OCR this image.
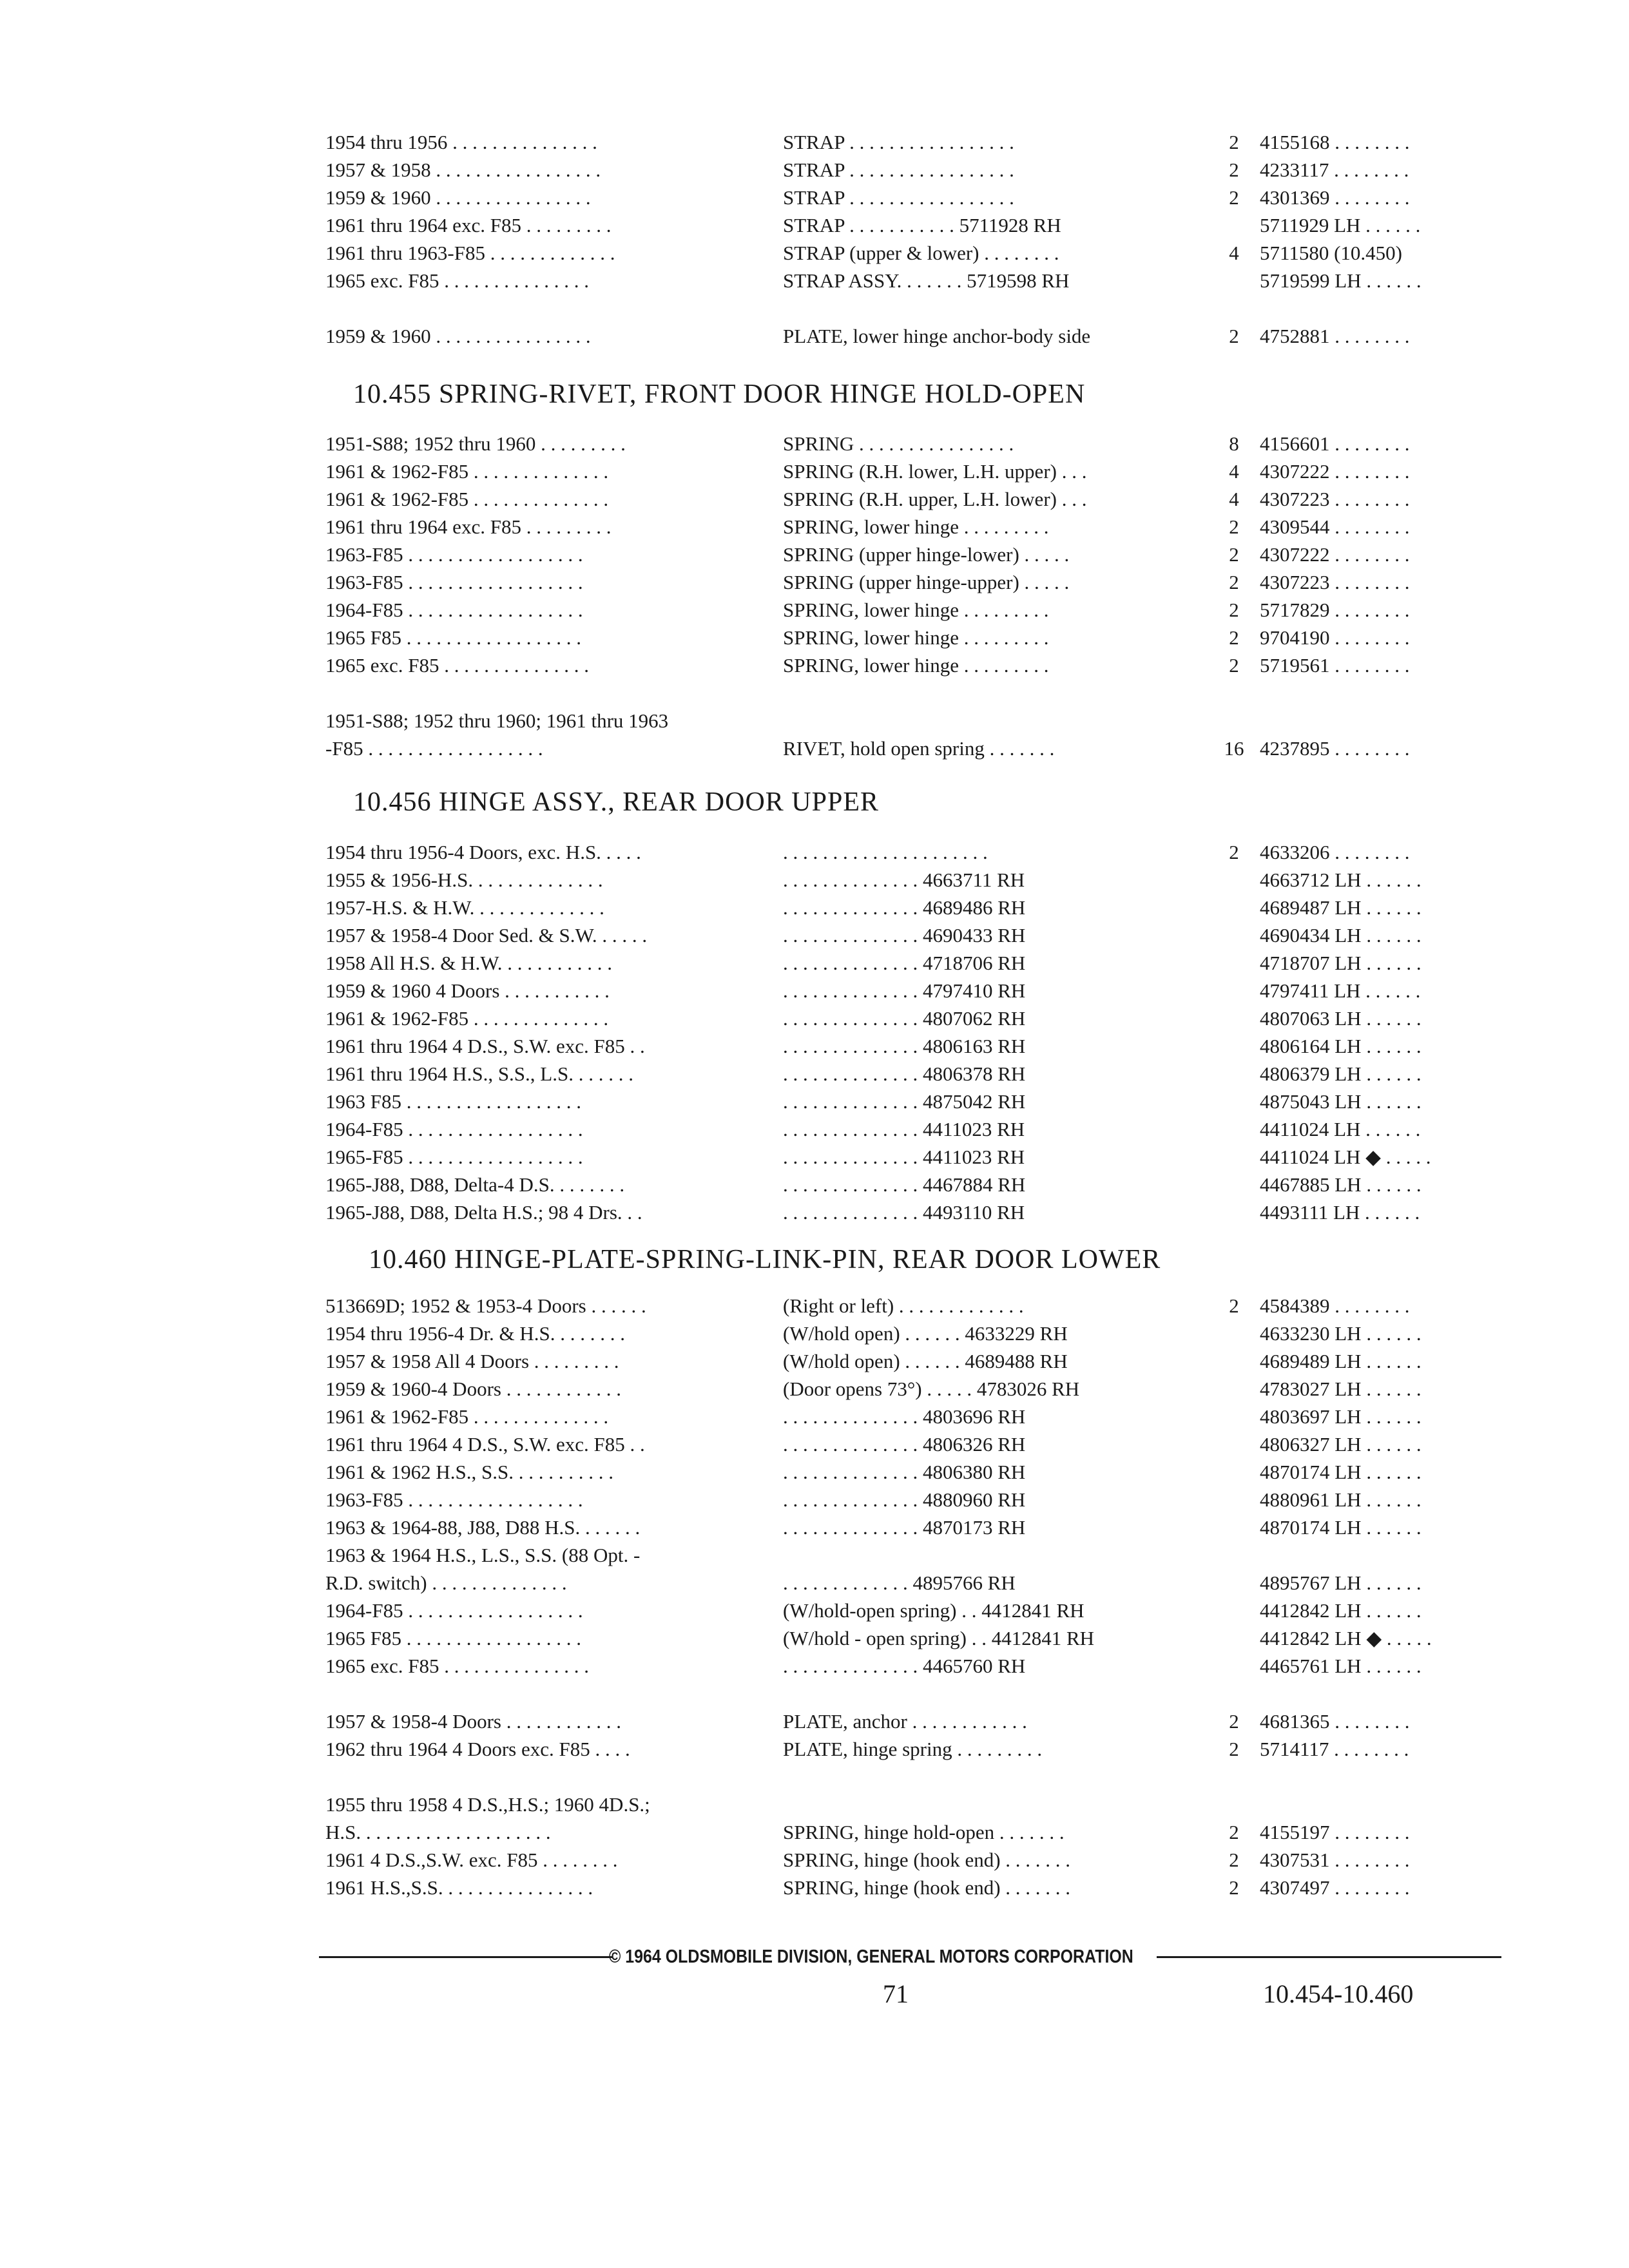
© 1964 OLDSMOBILE DIVISION, GENERAL MOTORS CORPORATION
71	10.454-10.460
1954 thru 1956 . . . . . . . . . . . . . . .	STRAP . . . . . . . . . . . . . . . . .	2	4155168 . . . . . . . .
1957 & 1958 . . . . . . . . . . . . . . . . .	STRAP . . . . . . . . . . . . . . . . .	2	4233117 . . . . . . . .
1959 & 1960 . . . . . . . . . . . . . . . .	STRAP . . . . . . . . . . . . . . . . .	2	4301369 . . . . . . . .
1961 thru 1964 exc. F85 . . . . . . . . .	STRAP . . . . . . . . . . . 5711928 RH	5711929 LH . . . . . .
1961 thru 1963-F85 . . . . . . . . . . . . .	STRAP (upper & lower) . . . . . . . .	4	5711580 (10.450)
1965 exc. F85 . . . . . . . . . . . . . . .	STRAP ASSY. . . . . . . 5719598 RH	5719599 LH . . . . . .
1959 & 1960 . . . . . . . . . . . . . . . .	PLATE, lower hinge anchor-body side	2	4752881 . . . . . . . .
10.455 SPRING-RIVET, FRONT DOOR HINGE HOLD-OPEN
1951-S88; 1952 thru 1960 . . . . . . . . .	SPRING . . . . . . . . . . . . . . . .	8	4156601 . . . . . . . .
1961 & 1962-F85 . . . . . . . . . . . . . .	SPRING (R.H. lower, L.H. upper) . . .	4	4307222 . . . . . . . .
1961 & 1962-F85 . . . . . . . . . . . . . .	SPRING (R.H. upper, L.H. lower) . . .	4	4307223 . . . . . . . .
1961 thru 1964 exc. F85 . . . . . . . . .	SPRING, lower hinge . . . . . . . . .	2	4309544 . . . . . . . .
1963-F85 . . . . . . . . . . . . . . . . . .	SPRING (upper hinge-lower) . . . . .	2	4307222 . . . . . . . .
1963-F85 . . . . . . . . . . . . . . . . . .	SPRING (upper hinge-upper) . . . . .	2	4307223 . . . . . . . .
1964-F85 . . . . . . . . . . . . . . . . . .	SPRING, lower hinge . . . . . . . . .	2	5717829 . . . . . . . .
1965 F85 . . . . . . . . . . . . . . . . . .	SPRING, lower hinge . . . . . . . . .	2	9704190 . . . . . . . .
1965 exc. F85 . . . . . . . . . . . . . . .	SPRING, lower hinge . . . . . . . . .	2	5719561 . . . . . . . .
1951-S88; 1952 thru 1960; 1961 thru 1963
-F85 . . . . . . . . . . . . . . . . . .	RIVET, hold open spring . . . . . . .	16 4237895 . . . . . . . .
10.456 HINGE ASSY., REAR DOOR UPPER
1954 thru 1956-4 Doors, exc. H.S. . . . .	. . . . . . . . . . . . . . . . . . . . .	2	4633206 . . . . . . . .
1955 & 1956-H.S. . . . . . . . . . . . . .	. . . . . . . . . . . . . . 4663711 RH	4663712 LH . . . . . .
1957-H.S. & H.W. . . . . . . . . . . . . .	. . . . . . . . . . . . . . 4689486 RH	4689487 LH . . . . . .
1957 & 1958-4 Door Sed. & S.W. . . . . .	. . . . . . . . . . . . . . 4690433 RH	4690434 LH . . . . . .
1958 All H.S. & H.W. . . . . . . . . . . .	. . . . . . . . . . . . . . 4718706 RH	4718707 LH . . . . . .
1959 & 1960 4 Doors . . . . . . . . . . .	. . . . . . . . . . . . . . 4797410 RH	4797411 LH . . . . . .
1961 & 1962-F85 . . . . . . . . . . . . . .	. . . . . . . . . . . . . . 4807062 RH	4807063 LH . . . . . .
1961 thru 1964 4 D.S., S.W. exc. F85 . .	. . . . . . . . . . . . . . 4806163 RH	4806164 LH . . . . . .
1961 thru 1964 H.S., S.S., L.S. . . . . . .	. . . . . . . . . . . . . . 4806378 RH	4806379 LH . . . . . .
1963 F85 . . . . . . . . . . . . . . . . . .	. . . . . . . . . . . . . . 4875042 RH	4875043 LH . . . . . .
1964-F85 . . . . . . . . . . . . . . . . . .	. . . . . . . . . . . . . . 4411023 RH	4411024 LH . . . . . .
1965-F85 . . . . . . . . . . . . . . . . . .	. . . . . . . . . . . . . . 4411023 RH	4411024 LH ◆ . . . . .
1965-J88, D88, Delta-4 D.S. . . . . . . .	. . . . . . . . . . . . . . 4467884 RH	4467885 LH . . . . . .
1965-J88, D88, Delta H.S.; 98 4 Drs. . .	. . . . . . . . . . . . . . 4493110 RH	4493111 LH . . . . . .
10.460 HINGE-PLATE-SPRING-LINK-PIN, REAR DOOR LOWER
513669D; 1952 & 1953-4 Doors . . . . . .	(Right or left) . . . . . . . . . . . . .	2	4584389 . . . . . . . .
1954 thru 1956-4 Dr. & H.S. . . . . . . .	(W/hold open) . . . . . . 4633229 RH	4633230 LH . . . . . .
1957 & 1958 All 4 Doors . . . . . . . . .	(W/hold open) . . . . . . 4689488 RH	4689489 LH . . . . . .
1959 & 1960-4 Doors . . . . . . . . . . . .	(Door opens 73°) . . . . . 4783026 RH	4783027 LH . . . . . .
1961 & 1962-F85 . . . . . . . . . . . . . .	. . . . . . . . . . . . . . 4803696 RH	4803697 LH . . . . . .
1961 thru 1964 4 D.S., S.W. exc. F85 . .	. . . . . . . . . . . . . . 4806326 RH	4806327 LH . . . . . .
1961 & 1962 H.S., S.S. . . . . . . . . . .	. . . . . . . . . . . . . . 4806380 RH	4870174 LH . . . . . .
1963-F85 . . . . . . . . . . . . . . . . . .	. . . . . . . . . . . . . . 4880960 RH	4880961 LH . . . . . .
1963 & 1964-88, J88, D88 H.S. . . . . . .	. . . . . . . . . . . . . . 4870173 RH	4870174 LH . . . . . .
1963 & 1964 H.S., L.S., S.S. (88 Opt. -
R.D. switch) . . . . . . . . . . . . . .	. . . . . . . . . . . . . 4895766 RH	4895767 LH . . . . . .
1964-F85 . . . . . . . . . . . . . . . . . .	(W/hold-open spring) . . 4412841 RH	4412842 LH . . . . . .
1965 F85 . . . . . . . . . . . . . . . . . .	(W/hold - open spring) . . 4412841 RH	4412842 LH ◆ . . . . .
1965 exc. F85 . . . . . . . . . . . . . . .	. . . . . . . . . . . . . . 4465760 RH	4465761 LH . . . . . .
1957 & 1958-4 Doors . . . . . . . . . . . .	PLATE, anchor . . . . . . . . . . . .	2	4681365 . . . . . . . .
1962 thru 1964 4 Doors exc. F85 . . . .	PLATE, hinge spring . . . . . . . . .	2	5714117 . . . . . . . .
1955 thru 1958 4 D.S.,H.S.; 1960 4D.S.;
H.S. . . . . . . . . . . . . . . . . . . .	SPRING, hinge hold-open . . . . . . .	2	4155197 . . . . . . . .
1961 4 D.S.,S.W. exc. F85 . . . . . . . .	SPRING, hinge (hook end) . . . . . . .	2	4307531 . . . . . . . .
1961 H.S.,S.S. . . . . . . . . . . . . . . .	SPRING, hinge (hook end) . . . . . . .	2	4307497 . . . . . . . .
